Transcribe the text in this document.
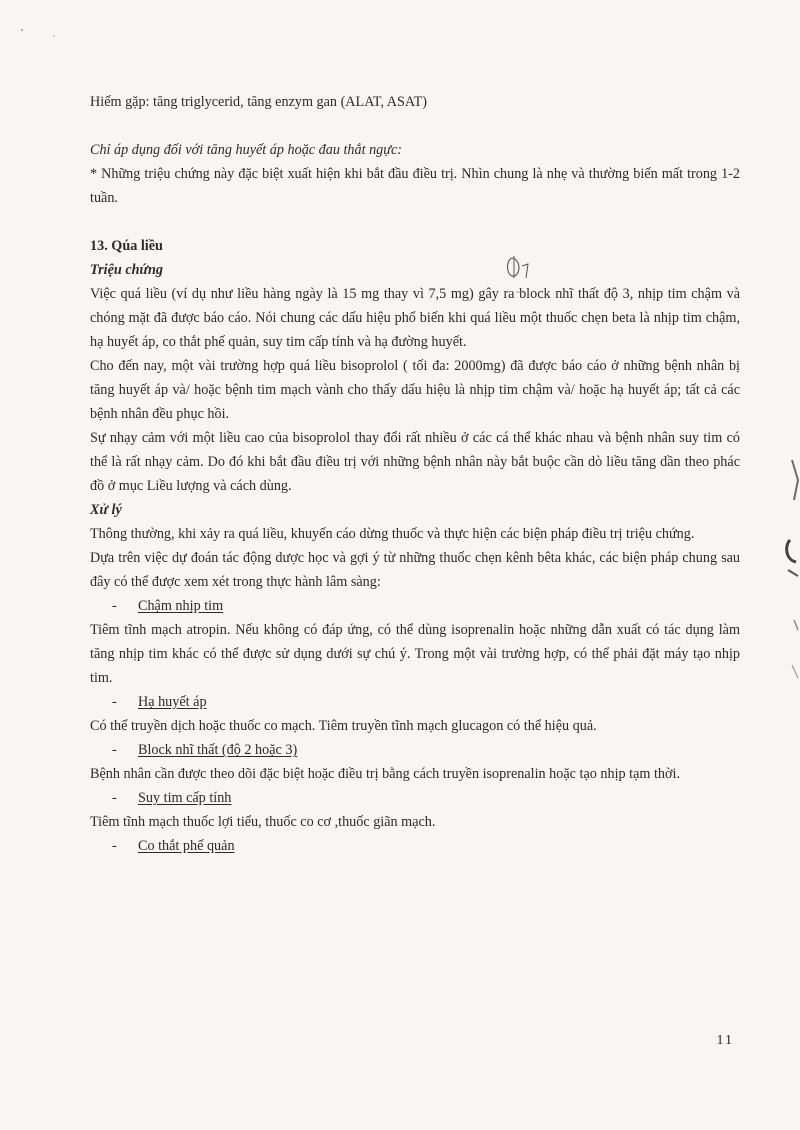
Hiếm gặp: tăng triglycerid, tăng enzym gan (ALAT, ASAT)

Chỉ áp dụng đối với tăng huyết áp hoặc đau thắt ngực:

* Những triệu chứng này đặc biệt xuất hiện khi bắt đầu điều trị. Nhìn chung là nhẹ và thường biến mất trong 1-2 tuần.

13. Qúa liều

Triệu chứng

Việc quá liều (ví dụ như liều hàng ngày là 15 mg thay vì 7,5 mg) gây ra block nhĩ thất độ 3, nhịp tim chậm và chóng mặt đã được báo cáo. Nói chung các dấu hiệu phổ biến khi quá liều một thuốc chẹn beta là nhịp tim chậm, hạ huyết áp, co thắt phế quản, suy tim cấp tính và hạ đường huyết.

Cho đến nay, một vài trường hợp quá liều bisoprolol ( tối đa: 2000mg) đã được báo cáo ở những bệnh nhân bị tăng huyết áp và/ hoặc bệnh tim mạch vành cho thấy dấu hiệu là nhịp tim chậm và/ hoặc hạ huyết áp; tất cả các bệnh nhân đều phục hồi.

Sự nhạy cảm với một liều cao của bisoprolol thay đổi rất nhiều ở các cá thể khác nhau và bệnh nhân suy tim có thể là rất nhạy cảm. Do đó khi bắt đầu điều trị với những bệnh nhân này bắt buộc cần dò liều tăng dần theo phác đồ ở mục Liều lượng và cách dùng.

Xử lý

Thông thường, khi xảy ra quá liều, khuyến cáo dừng thuốc và thực hiện các biện pháp điều trị triệu chứng.

Dựa trên việc dự đoán tác động dược học và gợi ý từ những thuốc chẹn kênh bêta khác, các biện pháp chung sau đây có thể được xem xét trong thực hành lâm sàng:

- Chậm nhịp tim

Tiêm tĩnh mạch atropin. Nếu không có đáp ứng, có thể dùng isoprenalin hoặc những dẫn xuất có tác dụng làm tăng nhịp tim khác có thể được sử dụng dưới sự chú ý. Trong một vài trường hợp, có thể phải đặt máy tạo nhịp tim.

- Hạ huyết áp

Có thể truyền dịch hoặc thuốc co mạch. Tiêm truyền tĩnh mạch glucagon có thể hiệu quả.

- Block nhĩ thất (độ 2 hoặc 3)

Bệnh nhân cần được theo dõi đặc biệt hoặc điều trị bằng cách truyền isoprenalin hoặc tạo nhịp tạm thời.

- Suy tim cấp tính

Tiêm tĩnh mạch thuốc lợi tiểu, thuốc co cơ ,thuốc giãn mạch.

- Co thắt phế quản

11
